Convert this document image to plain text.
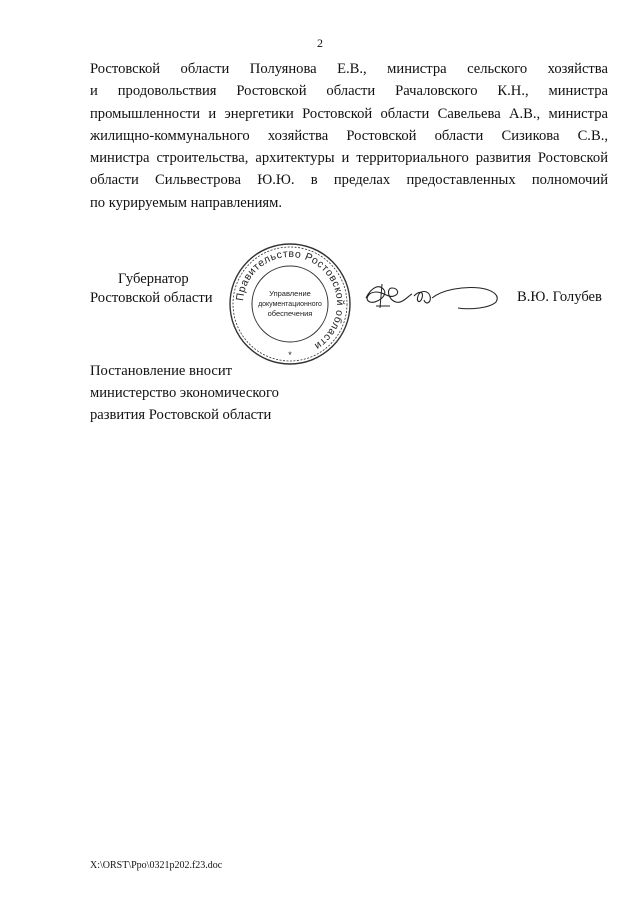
2
Ростовской области Полуянова Е.В., министра сельского хозяйства
и продовольствия Ростовской области Рачаловского К.Н., министра
промышленности и энергетики Ростовской области Савельева А.В., министра
жилищно-коммунального хозяйства Ростовской области Сизикова С.В.,
министра строительства, архитектуры и территориального развития Ростовской
области Сильвестрова Ю.Ю. в пределах предоставленных полномочий
по курируемым направлениям.
Губернатор
Ростовской области Правительство Ростовской области
Управление
документационного
обеспечения
*
В.Ю. Голубев
Постановление вносит
министерство экономического
развития Ростовской области
X:\ORST\Ppo\0321p202.f23.doc
